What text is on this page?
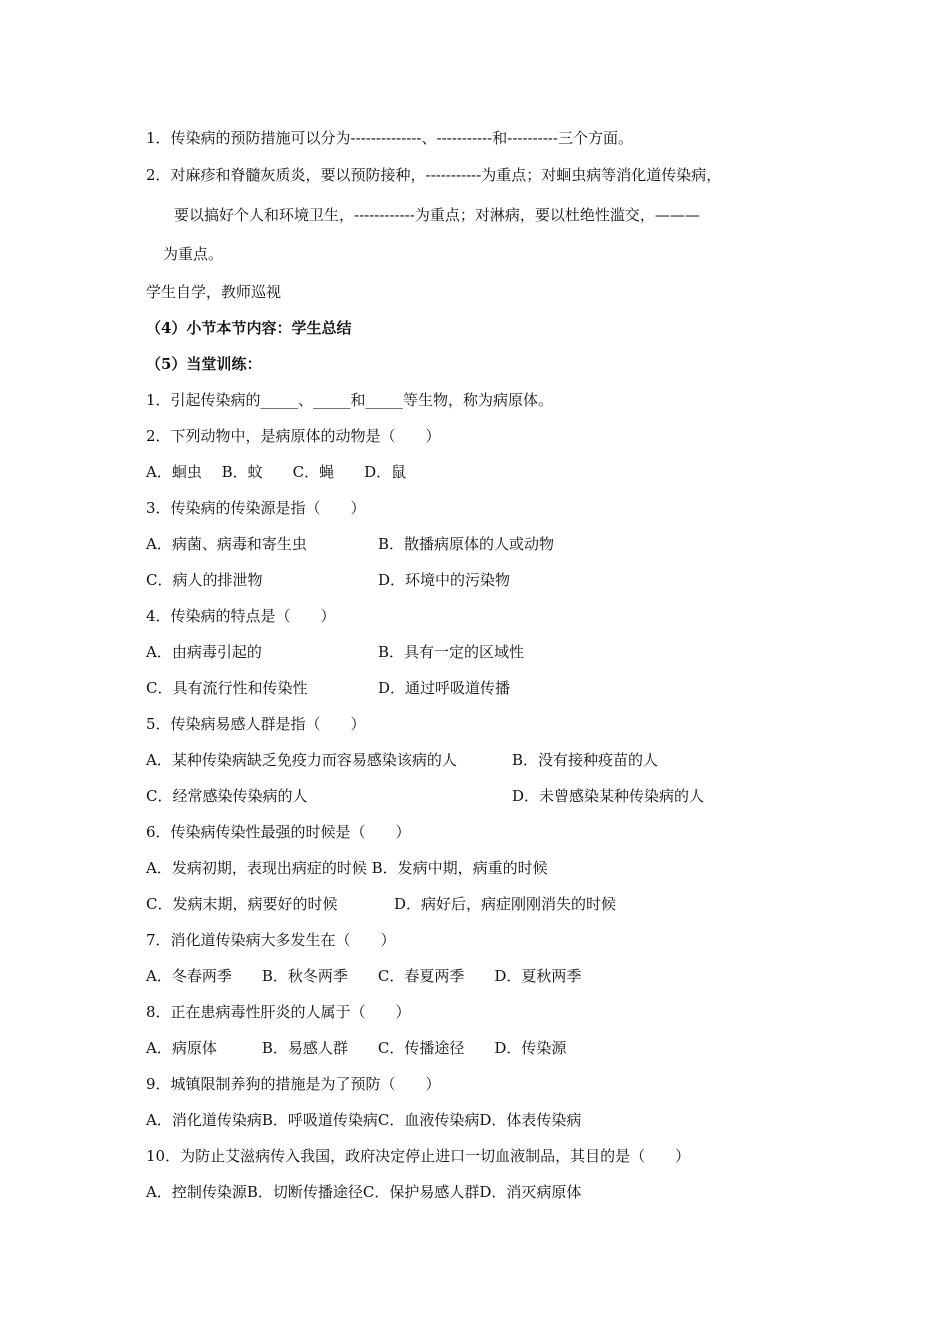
1．传染病的预防措施可以分为--------------、-----------和----------三个方面。
2．对麻疹和脊髓灰质炎，要以预防接种，-----------为重点；对蛔虫病等消化道传染病，
要以搞好个人和环境卫生，------------为重点；对淋病，要以杜绝性滥交，———
为重点。
学生自学，教师巡视
（4）小节本节内容：学生总结
（5）当堂训练：
1．引起传染病的_____、_____和_____等生物，称为病原体。
2．下列动物中，是病原体的动物是（　　）
A．蛔虫　 B．蚊　　C．蝇　　D．鼠
3．传染病的传染源是指（　　）
A．病菌、病毒和寄生虫	B．散播病原体的人或动物
C．病人的排泄物	D．环境中的污染物
4．传染病的特点是（　　）
A．由病毒引起的	B．具有一定的区域性
C．具有流行性和传染性	D．通过呼吸道传播
5．传染病易感人群是指（　　）
A．某种传染病缺乏免疫力而容易感染该病的人	B．没有接种疫苗的人
C．经常感染传染病的人	D．未曾感染某种传染病的人
6．传染病传染性最强的时候是（　　）
A．发病初期，表现出病症的时候 B．发病中期，病重的时候
C．发病末期，病要好的时候	D．病好后，病症刚刚消失的时候
7．消化道传染病大多发生在（　　）
A．冬春两季　　B．秋冬两季　　C．春夏两季　　D．夏秋两季
8．正在患病毒性肝炎的人属于（　　）
A．病原体　　　B．易感人群　　C．传播途径　　D．传染源
9．城镇限制养狗的措施是为了预防（　　）
A．消化道传染病B．呼吸道传染病C．血液传染病D．体表传染病
10．为防止艾滋病传入我国，政府决定停止进口一切血液制品，其目的是（　　）
A．控制传染源B．切断传播途径C．保护易感人群D．消灭病原体
